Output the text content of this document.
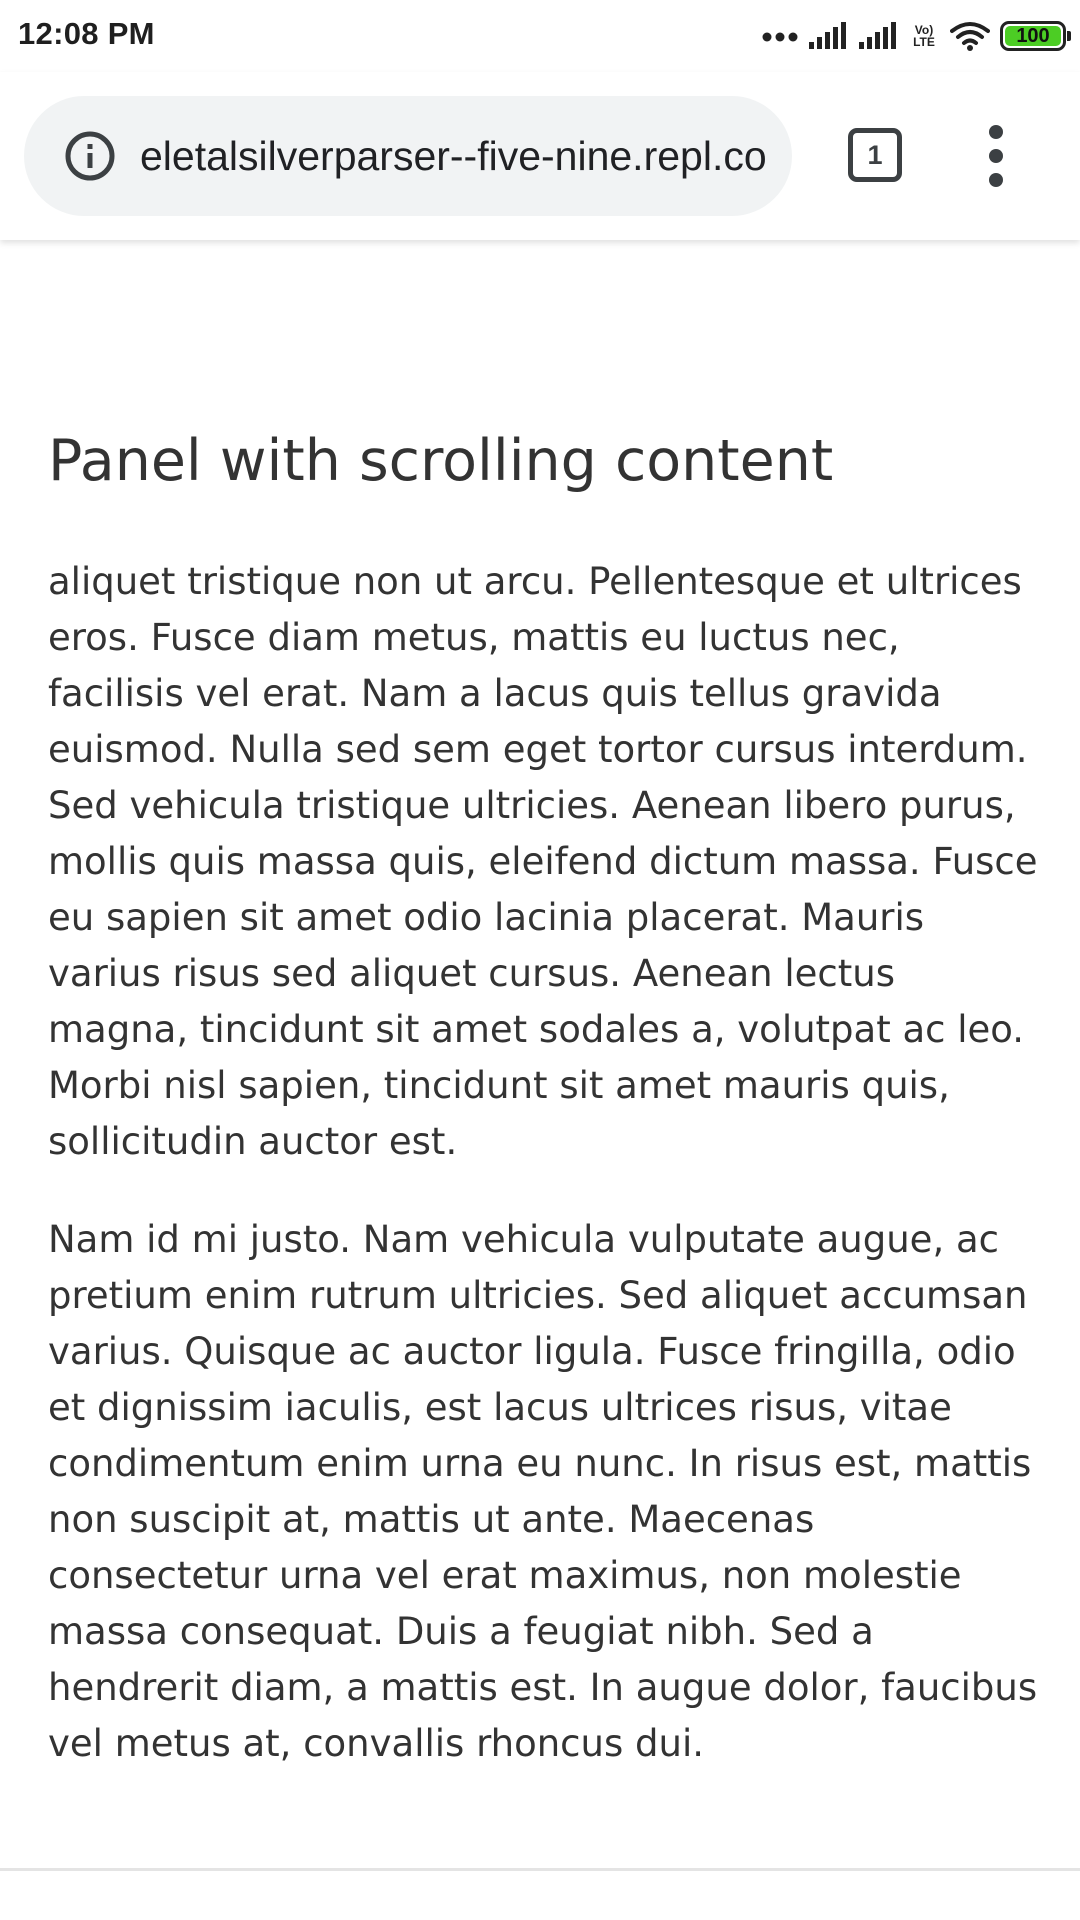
12:08 PM	Vo) LTE	100
eletalsilverparser--five-nine.repl.co	1
Panel with scrolling content

aliquet tristique non ut arcu. Pellentesque et ultrices eros. Fusce diam metus, mattis eu luctus nec, facilisis vel erat. Nam a lacus quis tellus gravida euismod. Nulla sed sem eget tortor cursus interdum. Sed vehicula tristique ultricies. Aenean libero purus, mollis quis massa quis, eleifend dictum massa. Fusce eu sapien sit amet odio lacinia placerat. Mauris varius risus sed aliquet cursus. Aenean lectus magna, tincidunt sit amet sodales a, volutpat ac leo. Morbi nisl sapien, tincidunt sit amet mauris quis, sollicitudin auctor est.

Nam id mi justo. Nam vehicula vulputate augue, ac pretium enim rutrum ultricies. Sed aliquet accumsan varius. Quisque ac auctor ligula. Fusce fringilla, odio et dignissim iaculis, est lacus ultrices risus, vitae condimentum enim urna eu nunc. In risus est, mattis non suscipit at, mattis ut ante. Maecenas consectetur urna vel erat maximus, non molestie massa consequat. Duis a feugiat nibh. Sed a hendrerit diam, a mattis est. In augue dolor, faucibus vel metus at, convallis rhoncus dui.
